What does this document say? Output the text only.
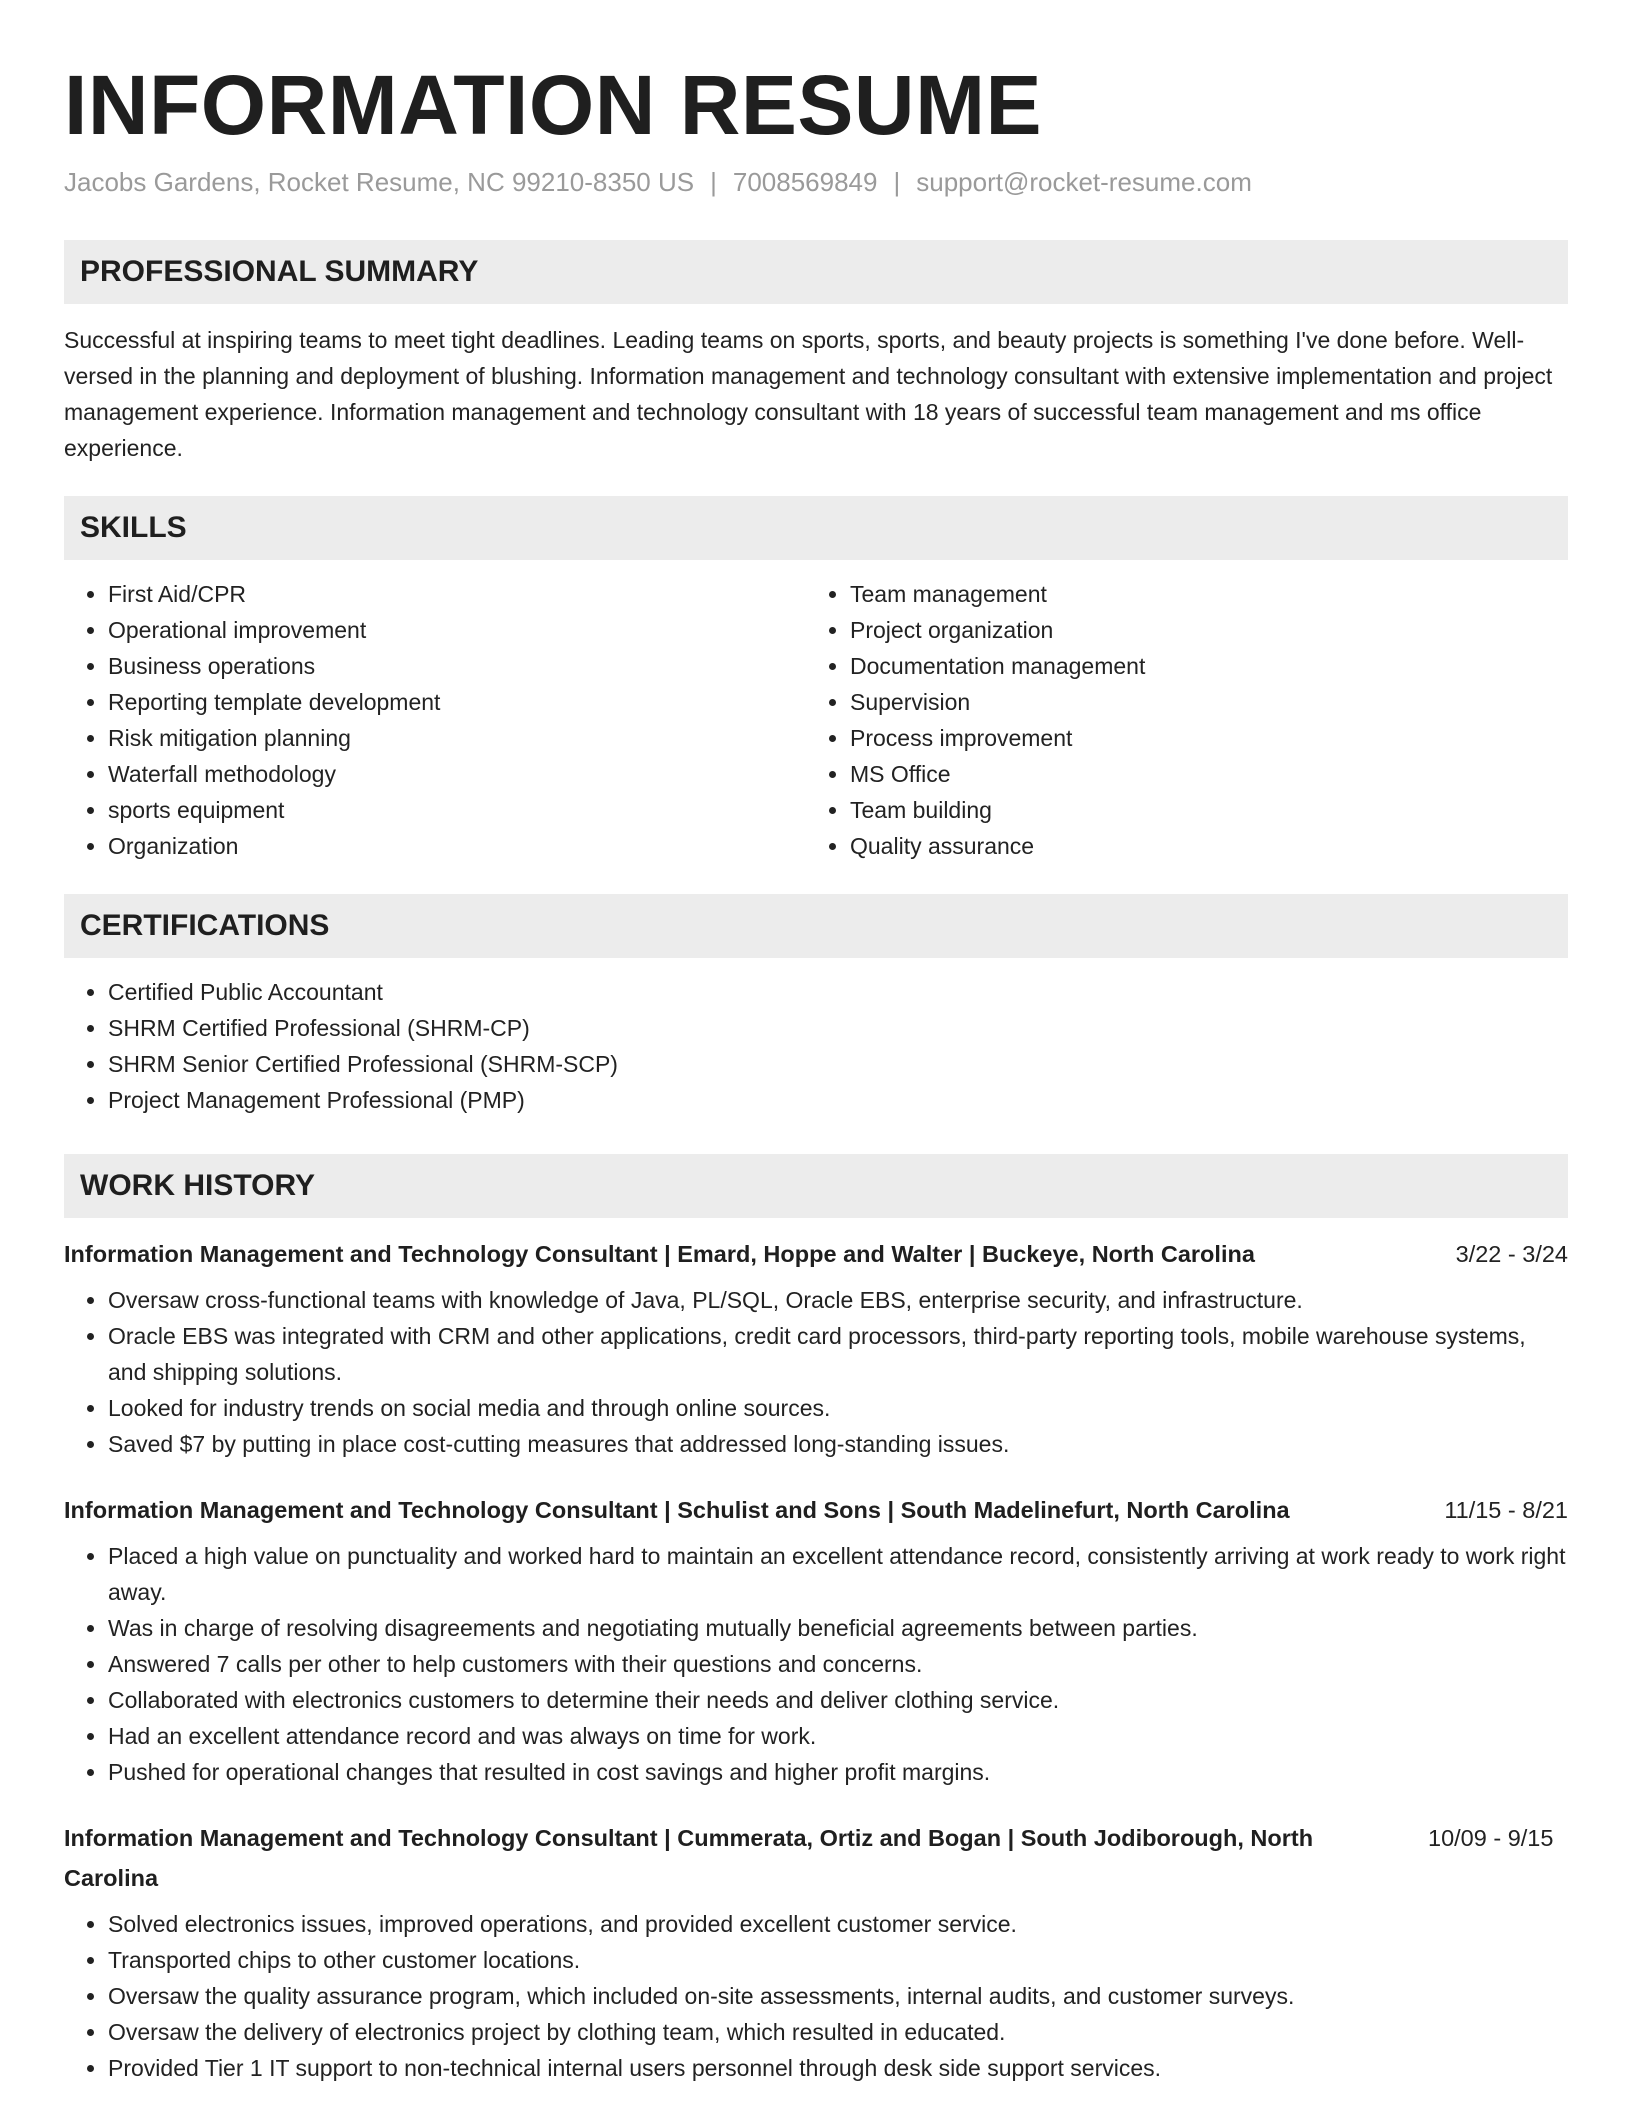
INFORMATION RESUME
Jacobs Gardens, Rocket Resume, NC 99210-8350 US | 7008569849 | support@rocket-resume.com
PROFESSIONAL SUMMARY

Successful at inspiring teams to meet tight deadlines. Leading teams on sports, sports, and beauty projects is something I've done before. Well-versed in the planning and deployment of blushing. Information management and technology consultant with extensive implementation and project management experience. Information management and technology consultant with 18 years of successful team management and ms office experience.

SKILLS
• First Aid/CPR
• Operational improvement
• Business operations
• Reporting template development
• Risk mitigation planning
• Waterfall methodology
• sports equipment
• Organization
• Team management
• Project organization
• Documentation management
• Supervision
• Process improvement
• MS Office
• Team building
• Quality assurance
CERTIFICATIONS
• Certified Public Accountant
• SHRM Certified Professional (SHRM-CP)
• SHRM Senior Certified Professional (SHRM-SCP)
• Project Management Professional (PMP)
WORK HISTORY
Information Management and Technology Consultant | Emard, Hoppe and Walter | Buckeye, North Carolina	3/22 - 3/24
• Oversaw cross-functional teams with knowledge of Java, PL/SQL, Oracle EBS, enterprise security, and infrastructure.
• Oracle EBS was integrated with CRM and other applications, credit card processors, third-party reporting tools, mobile warehouse systems, and shipping solutions.
• Looked for industry trends on social media and through online sources.
• Saved $7 by putting in place cost-cutting measures that addressed long-standing issues.
Information Management and Technology Consultant | Schulist and Sons | South Madelinefurt, North Carolina	11/15 - 8/21
• Placed a high value on punctuality and worked hard to maintain an excellent attendance record, consistently arriving at work ready to work right away.
• Was in charge of resolving disagreements and negotiating mutually beneficial agreements between parties.
• Answered 7 calls per other to help customers with their questions and concerns.
• Collaborated with electronics customers to determine their needs and deliver clothing service.
• Had an excellent attendance record and was always on time for work.
• Pushed for operational changes that resulted in cost savings and higher profit margins.
Information Management and Technology Consultant | Cummerata, Ortiz and Bogan | South Jodiborough, North Carolina
10/09 - 9/15
• Solved electronics issues, improved operations, and provided excellent customer service.
• Transported chips to other customer locations.
• Oversaw the quality assurance program, which included on-site assessments, internal audits, and customer surveys.
• Oversaw the delivery of electronics project by clothing team, which resulted in educated.
• Provided Tier 1 IT support to non-technical internal users personnel through desk side support services.
